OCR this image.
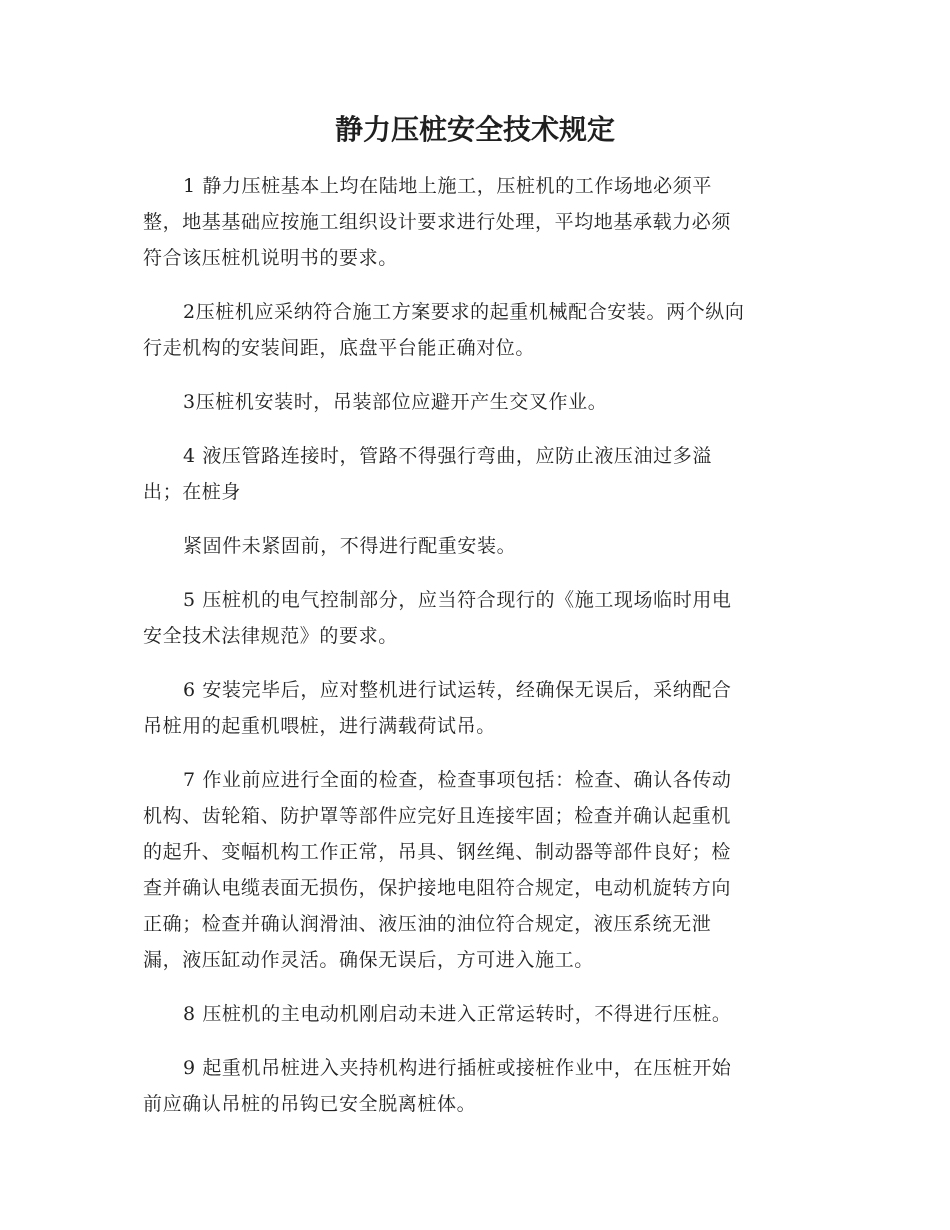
静力压桩安全技术规定

1 静力压桩基本上均在陆地上施工，压桩机的工作场地必须平
整，地基基础应按施工组织设计要求进行处理，平均地基承载力必须
符合该压桩机说明书的要求。

2压桩机应采纳符合施工方案要求的起重机械配合安装。两个纵向
行走机构的安装间距，底盘平台能正确对位。

3压桩机安装时，吊装部位应避开产生交叉作业。

4 液压管路连接时，管路不得强行弯曲，应防止液压油过多溢
出；在桩身

紧固件未紧固前，不得进行配重安装。

5 压桩机的电气控制部分，应当符合现行的《施工现场临时用电
安全技术法律规范》的要求。

6 安装完毕后，应对整机进行试运转，经确保无误后，采纳配合
吊桩用的起重机喂桩，进行满载荷试吊。

7 作业前应进行全面的检查，检查事项包括：检查、确认各传动
机构、齿轮箱、防护罩等部件应完好且连接牢固；检查并确认起重机
的起升、变幅机构工作正常，吊具、钢丝绳、制动器等部件良好；检
查并确认电缆表面无损伤，保护接地电阻符合规定，电动机旋转方向
正确；检查并确认润滑油、液压油的油位符合规定，液压系统无泄
漏，液压缸动作灵活。确保无误后，方可进入施工。

8 压桩机的主电动机刚启动未进入正常运转时，不得进行压桩。

9 起重机吊桩进入夹持机构进行插桩或接桩作业中，在压桩开始
前应确认吊桩的吊钩已安全脱离桩体。
